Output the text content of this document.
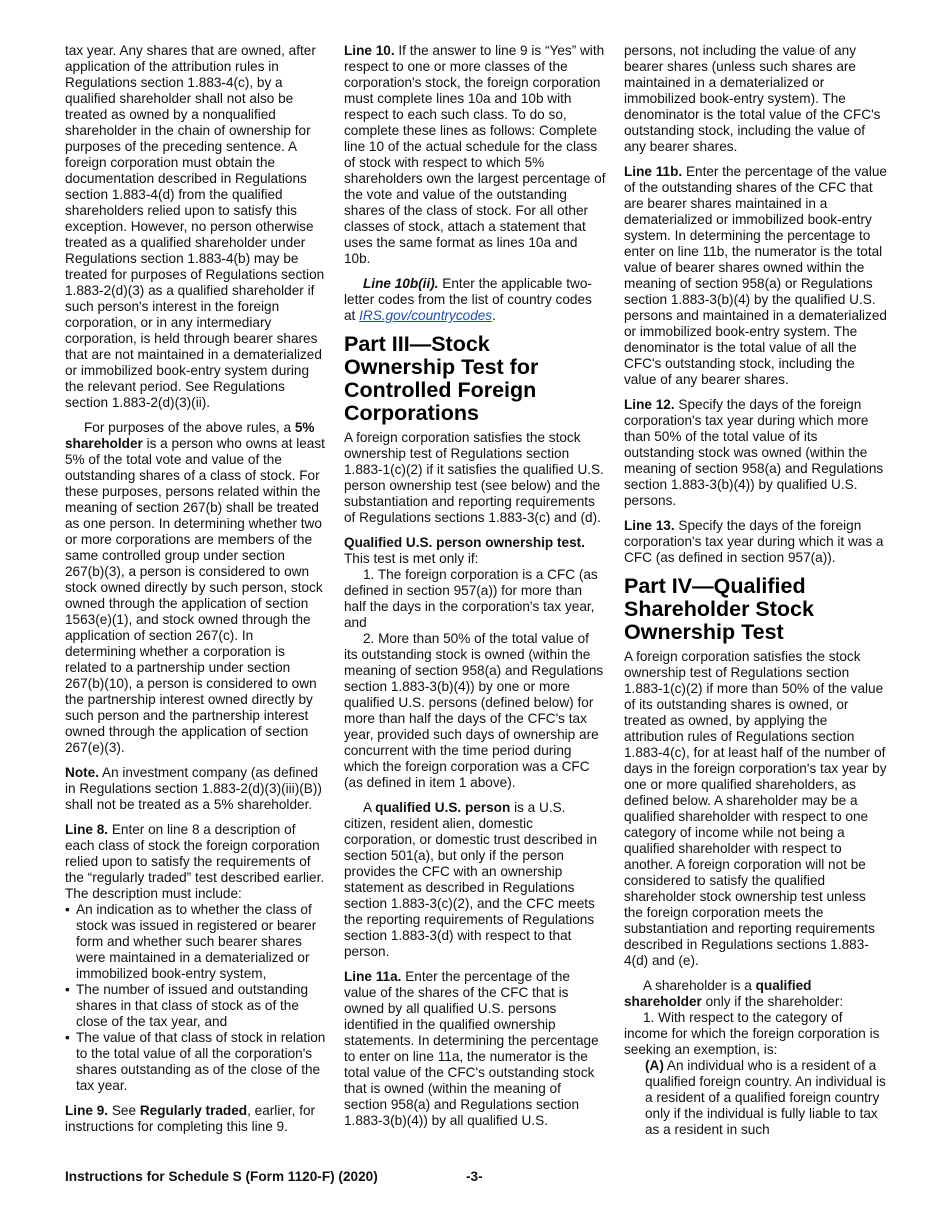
tax year. Any shares that are owned, after application of the attribution rules in Regulations section 1.883-4(c), by a qualified shareholder shall not also be treated as owned by a nonqualified shareholder in the chain of ownership for purposes of the preceding sentence. A foreign corporation must obtain the documentation described in Regulations section 1.883-4(d) from the qualified shareholders relied upon to satisfy this exception. However, no person otherwise treated as a qualified shareholder under Regulations section 1.883-4(b) may be treated for purposes of Regulations section 1.883-2(d)(3) as a qualified shareholder if such person's interest in the foreign corporation, or in any intermediary corporation, is held through bearer shares that are not maintained in a dematerialized or immobilized book-entry system during the relevant period. See Regulations section 1.883-2(d)(3)(ii).

For purposes of the above rules, a 5% shareholder is a person who owns at least 5% of the total vote and value of the outstanding shares of a class of stock. For these purposes, persons related within the meaning of section 267(b) shall be treated as one person. In determining whether two or more corporations are members of the same controlled group under section 267(b)(3), a person is considered to own stock owned directly by such person, stock owned through the application of section 1563(e)(1), and stock owned through the application of section 267(c). In determining whether a corporation is related to a partnership under section 267(b)(10), a person is considered to own the partnership interest owned directly by such person and the partnership interest owned through the application of section 267(e)(3).

Note. An investment company (as defined in Regulations section 1.883-2(d)(3)(iii)(B)) shall not be treated as a 5% shareholder.

Line 8. Enter on line 8 a description of each class of stock the foreign corporation relied upon to satisfy the requirements of the “regularly traded” test described earlier. The description must include:

• An indication as to whether the class of stock was issued in registered or bearer form and whether such bearer shares were maintained in a dematerialized or immobilized book-entry system,

• The number of issued and outstanding shares in that class of stock as of the close of the tax year, and

• The value of that class of stock in relation to the total value of all the corporation's shares outstanding as of the close of the tax year.

Line 9. See Regularly traded, earlier, for instructions for completing this line 9.

Line 10. If the answer to line 9 is “Yes” with respect to one or more classes of the corporation's stock, the foreign corporation must complete lines 10a and 10b with respect to each such class. To do so, complete these lines as follows: Complete line 10 of the actual schedule for the class of stock with respect to which 5% shareholders own the largest percentage of the vote and value of the outstanding shares of the class of stock. For all other classes of stock, attach a statement that uses the same format as lines 10a and 10b.

Line 10b(ii). Enter the applicable two-letter codes from the list of country codes at IRS.gov/countrycodes.

Part III—Stock Ownership Test for Controlled Foreign Corporations

A foreign corporation satisfies the stock ownership test of Regulations section 1.883-1(c)(2) if it satisfies the qualified U.S. person ownership test (see below) and the substantiation and reporting requirements of Regulations sections 1.883-3(c) and (d).

Qualified U.S. person ownership test. This test is met only if:

1. The foreign corporation is a CFC (as defined in section 957(a)) for more than half the days in the corporation's tax year, and

2. More than 50% of the total value of its outstanding stock is owned (within the meaning of section 958(a) and Regulations section 1.883-3(b)(4)) by one or more qualified U.S. persons (defined below) for more than half the days of the CFC's tax year, provided such days of ownership are concurrent with the time period during which the foreign corporation was a CFC (as defined in item 1 above).

A qualified U.S. person is a U.S. citizen, resident alien, domestic corporation, or domestic trust described in section 501(a), but only if the person provides the CFC with an ownership statement as described in Regulations section 1.883-3(c)(2), and the CFC meets the reporting requirements of Regulations section 1.883-3(d) with respect to that person.

Line 11a. Enter the percentage of the value of the shares of the CFC that is owned by all qualified U.S. persons identified in the qualified ownership statements. In determining the percentage to enter on line 11a, the numerator is the total value of the CFC's outstanding stock that is owned (within the meaning of section 958(a) and Regulations section 1.883-3(b)(4)) by all qualified U.S.

persons, not including the value of any bearer shares (unless such shares are maintained in a dematerialized or immobilized book-entry system). The denominator is the total value of the CFC's outstanding stock, including the value of any bearer shares.

Line 11b. Enter the percentage of the value of the outstanding shares of the CFC that are bearer shares maintained in a dematerialized or immobilized book-entry system. In determining the percentage to enter on line 11b, the numerator is the total value of bearer shares owned within the meaning of section 958(a) or Regulations section 1.883-3(b)(4) by the qualified U.S. persons and maintained in a dematerialized or immobilized book-entry system. The denominator is the total value of all the CFC's outstanding stock, including the value of any bearer shares.

Line 12. Specify the days of the foreign corporation's tax year during which more than 50% of the total value of its outstanding stock was owned (within the meaning of section 958(a) and Regulations section 1.883-3(b)(4)) by qualified U.S. persons.

Line 13. Specify the days of the foreign corporation's tax year during which it was a CFC (as defined in section 957(a)).

Part IV—Qualified Shareholder Stock Ownership Test

A foreign corporation satisfies the stock ownership test of Regulations section 1.883-1(c)(2) if more than 50% of the value of its outstanding shares is owned, or treated as owned, by applying the attribution rules of Regulations section 1.883-4(c), for at least half of the number of days in the foreign corporation's tax year by one or more qualified shareholders, as defined below. A shareholder may be a qualified shareholder with respect to one category of income while not being a qualified shareholder with respect to another. A foreign corporation will not be considered to satisfy the qualified shareholder stock ownership test unless the foreign corporation meets the substantiation and reporting requirements described in Regulations sections 1.883-4(d) and (e).

A shareholder is a qualified shareholder only if the shareholder:

1. With respect to the category of income for which the foreign corporation is seeking an exemption, is:

(A) An individual who is a resident of a qualified foreign country. An individual is a resident of a qualified foreign country only if the individual is fully liable to tax as a resident in such

Instructions for Schedule S (Form 1120-F) (2020)	-3-
